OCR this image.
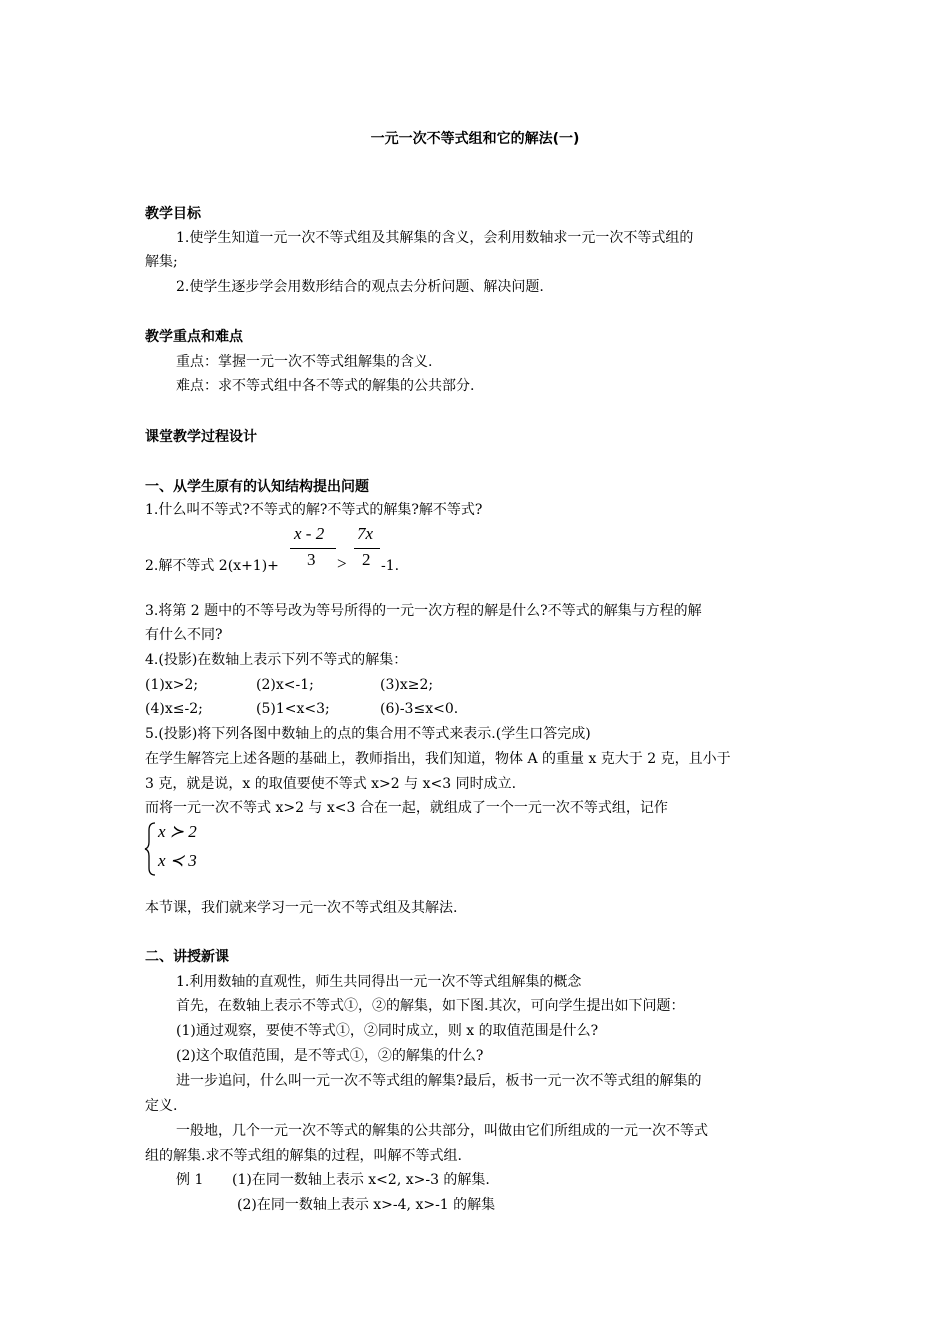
一元一次不等式组和它的解法(一)
教学目标
1.使学生知道一元一次不等式组及其解集的含义，会利用数轴求一元一次不等式组的
解集;
2.使学生逐步学会用数形结合的观点去分析问题、解决问题.
教学重点和难点
重点：掌握一元一次不等式组解集的含义.
难点：求不等式组中各不等式的解集的公共部分.
课堂教学过程设计
一、从学生原有的认知结构提出问题
1.什么叫不等式?不等式的解?不等式的解集?解不等式?
2.解不等式 2(x+1)+
x - 2
3 >
7x
2 -1.
3.将第 2 题中的不等号改为等号所得的一元一次方程的解是什么?不等式的解集与方程的解
有什么不同?
4.(投影)在数轴上表示下列不等式的解集：
(1)x>2;	(2)x<-1;	(3)x≥2;
(4)x≤-2;	(5)1<x<3;	(6)-3≤x<0.
5.(投影)将下列各图中数轴上的点的集合用不等式来表示.(学生口答完成)
在学生解答完上述各题的基础上，教师指出，我们知道，物体 A 的重量 x 克大于 2 克，且小于
3 克，就是说，x 的取值要使不等式 x>2 与 x<3 同时成立.
而将一元一次不等式 x>2 与 x<3 合在一起，就组成了一个一元一次不等式组，记作
x ≻ 2
x ≺ 3
本节课，我们就来学习一元一次不等式组及其解法.
二、讲授新课
1.利用数轴的直观性，师生共同得出一元一次不等式组解集的概念
首先，在数轴上表示不等式①，②的解集，如下图.其次，可向学生提出如下问题：
(1)通过观察，要使不等式①，②同时成立，则 x 的取值范围是什么?
(2)这个取值范围，是不等式①，②的解集的什么?
进一步追问，什么叫一元一次不等式组的解集?最后，板书一元一次不等式组的解集的
定义.
一般地，几个一元一次不等式的解集的公共部分，叫做由它们所组成的一元一次不等式
组的解集.求不等式组的解集的过程，叫解不等式组.
例 1 (1)在同一数轴上表示 x<2, x>-3 的解集.
(2)在同一数轴上表示 x>-4, x>-1 的解集
